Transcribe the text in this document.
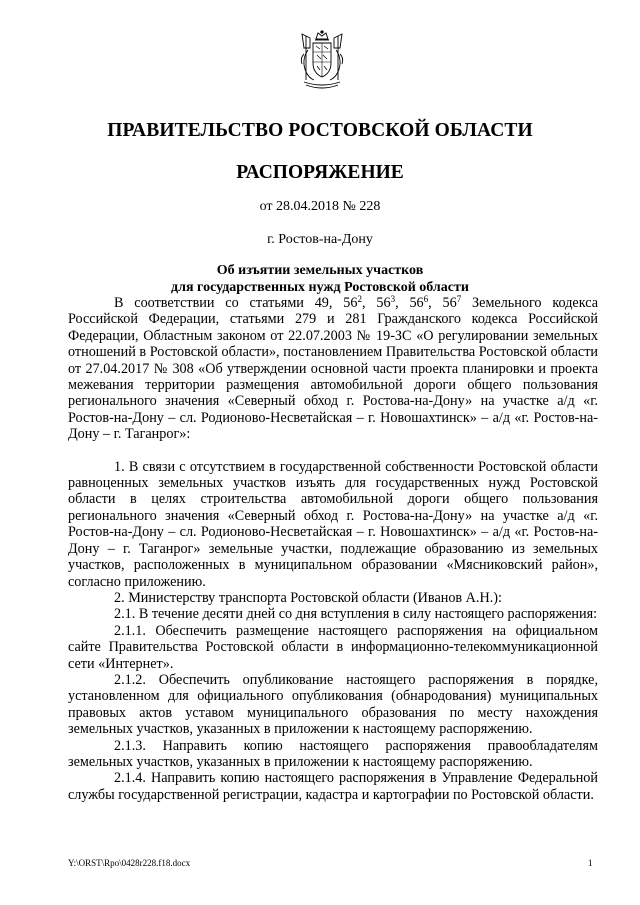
ПРАВИТЕЛЬСТВО РОСТОВСКОЙ ОБЛАСТИ
РАСПОРЯЖЕНИЕ
от 28.04.2018 № 228
г. Ростов-на-Дону
Об изъятии земельных участков
для государственных нужд Ростовской области

В соответствии со статьями 49, $56^2$, $56^3$, $56^6$, $56^7$ Земельного кодекса Российской Федерации, статьями 279 и 281 Гражданского кодекса Российской Федерации, Областным законом от 22.07.2003 № 19-ЗС «О регулировании земельных отношений в Ростовской области», постановлением Правительства Ростовской области от 27.04.2017 № 308 «Об утверждении основной части проекта планировки и проекта межевания территории размещения автомобильной дороги общего пользования регионального значения «Северный обход г. Ростова-на-Дону» на участке а/д «г. Ростов-на-Дону – сл. Родионово-Несветайская – г. Новошахтинск» – а/д «г. Ростов-на-Дону – г. Таганрог»:

1. В связи с отсутствием в государственной собственности Ростовской области равноценных земельных участков изъять для государственных нужд Ростовской области в целях строительства автомобильной дороги общего пользования регионального значения «Северный обход г. Ростова-на-Дону» на участке а/д «г. Ростов-на-Дону – сл. Родионово-Несветайская – г. Новошахтинск» – а/д «г. Ростов-на-Дону – г. Таганрог» земельные участки, подлежащие образованию из земельных участков, расположенных в муниципальном образовании «Мясниковский район», согласно приложению.

2. Министерству транспорта Ростовской области (Иванов А.Н.):

2.1. В течение десяти дней со дня вступления в силу настоящего распоряжения:

2.1.1. Обеспечить размещение настоящего распоряжения на официальном сайте Правительства Ростовской области в информационно-телекоммуникационной сети «Интернет».

2.1.2. Обеспечить опубликование настоящего распоряжения в порядке, установленном для официального опубликования (обнародования) муниципальных правовых актов уставом муниципального образования по месту нахождения земельных участков, указанных в приложении к настоящему распоряжению.

2.1.3. Направить копию настоящего распоряжения правообладателям земельных участков, указанных в приложении к настоящему распоряжению.

2.1.4. Направить копию настоящего распоряжения в Управление Федеральной службы государственной регистрации, кадастра и картографии по Ростовской области.

Y:\ORST\Rpo\0428r228.f18.docx	1
